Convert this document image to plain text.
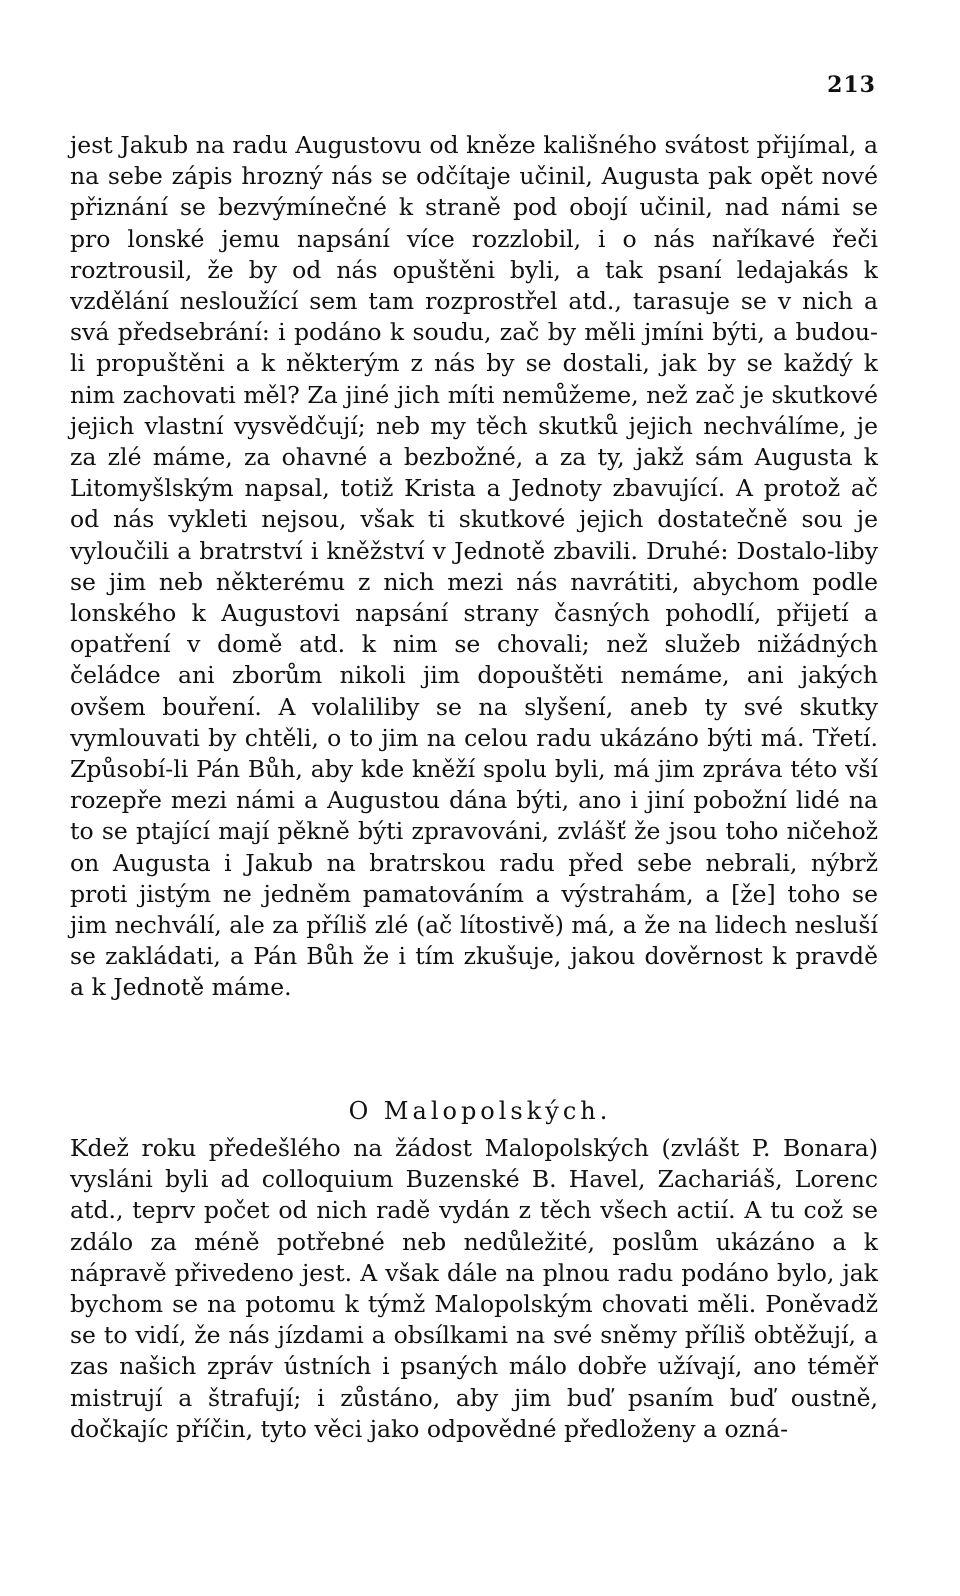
213

jest Jakub na radu Augustovu od kněze kališného svátost přijímal, a na sebe zápis hrozný nás se odčítaje učinil, Augusta pak opět nové přiznání se bezvýmínečné k straně pod obojí učinil, nad námi se pro lonské jemu napsání více rozzlobil, i o nás naříkavé řeči roztrousil, že by od nás opuštěni byli, a tak psaní ledajakás k vzdělání nesloužící sem tam rozprostřel atd., tarasuje se v nich a svá předsebrání: i podáno k soudu, zač by měli jmíni býti, a budou-li propuštěni a k některým z nás by se dostali, jak by se každý k nim zachovati měl? Za jiné jich míti nemůžeme, než zač je skutkové jejich vlastní vysvědčují; neb my těch skutků jejich nechválíme, je za zlé máme, za ohavné a bezbožné, a za ty, jakž sám Augusta k Litomyšlským napsal, totiž Krista a Jednoty zbavující. A protož ač od nás vykleti nejsou, však ti skutkové jejich dostatečně sou je vyloučili a bratrství i kněžství v Jednotě zbavili. Druhé: Dostalo-liby se jim neb některému z nich mezi nás navrátiti, abychom podle lonského k Augustovi napsání strany časných pohodlí, přijetí a opatření v domě atd. k nim se chovali; než služeb nižádných čeládce ani zborům nikoli jim dopouštěti nemáme, ani jakých ovšem bouření. A volaliliby se na slyšení, aneb ty své skutky vymlouvati by chtěli, o to jim na celou radu ukázáno býti má. Třetí. Způsobí-li Pán Bůh, aby kde kněží spolu byli, má jim zpráva této vší rozepře mezi námi a Augustou dána býti, ano i jiní pobožní lidé na to se ptající mají pěkně býti zpravováni, zvlášť že jsou toho ničehož on Augusta i Jakub na bratrskou radu před sebe nebrali, nýbrž proti jistým ne jedněm pamatováním a výstrahám, a [že] toho se jim nechválí, ale za příliš zlé (ač lítostivě) má, a že na lidech nesluší se zakládati, a Pán Bůh že i tím zkušuje, jakou dověrnost k pravdě a k Jednotě máme.

O Malopolských.

Kdež roku předešlého na žádost Malopolských (zvlášt P. Bonara) vysláni byli ad colloquium Buzenské B. Havel, Zachariáš, Lorenc atd., teprv počet od nich radě vydán z těch všech actií. A tu což se zdálo za méně potřebné neb nedůležité, poslům ukázáno a k nápravě přivedeno jest. A však dále na plnou radu podáno bylo, jak bychom se na potomu k týmž Malopolským chovati měli. Poněvadž se to vidí, že nás jízdami a obsílkami na své sněmy příliš obtěžují, a zas našich zpráv ústních i psaných málo dobře užívají, ano téměř mistrují a štrafují; i zůstáno, aby jim buď psaním buď oustně, dočkajíc příčin, tyto věci jako odpovědné předloženy a ozná-
